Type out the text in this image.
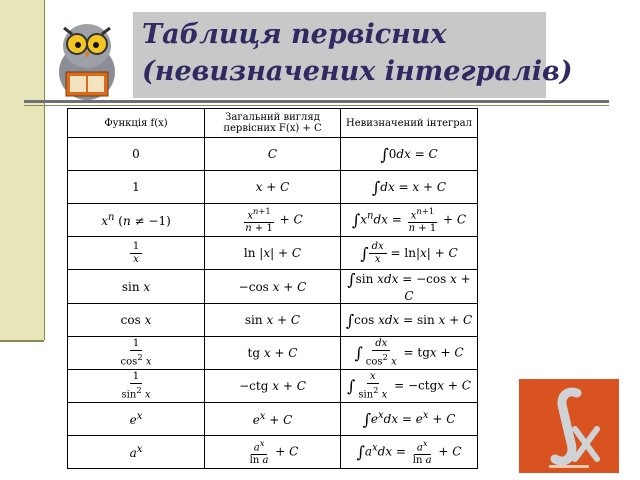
Таблиця первісних
(невизначених інтегралів)
Функція f(x)	Загальний вигляд первісних F(x) + C	Невизначений інтеграл
0	C	∫0dx = C
1	x + C	∫dx = x + C
$x^n$ (n ≠ −1)	$\frac{x^{n+1}}{n + 1} + C$	$\int x^ndx = \frac{x^{n+1}}{n + 1} + C$

$\frac{1}{x}$	ln |x| + C	∫ $\frac{dx}{x} = \ln|x| + C$
sin x	−cos x + C	∫sin xdx = −cos x + C
cos x	sin x + C	∫cos xdx = sin x + C

$\frac{1}{\cos^2 x}$	tg x + C	∫ $\frac{dx}{\cos^2 x}$ = tgx + C

$\frac{1}{\sin^2 x}$	−ctg x + C	∫ $\frac{x}{\sin^2 x}$ = −ctgx + C
$e^x$	$e^x + C$	$\int e^xdx = e^x + C$
$a^x$	$\frac{a^x}{\text{ln a}} + C$	$\int a^xdx = \frac{a^x}{\text{ln a}} + C$
